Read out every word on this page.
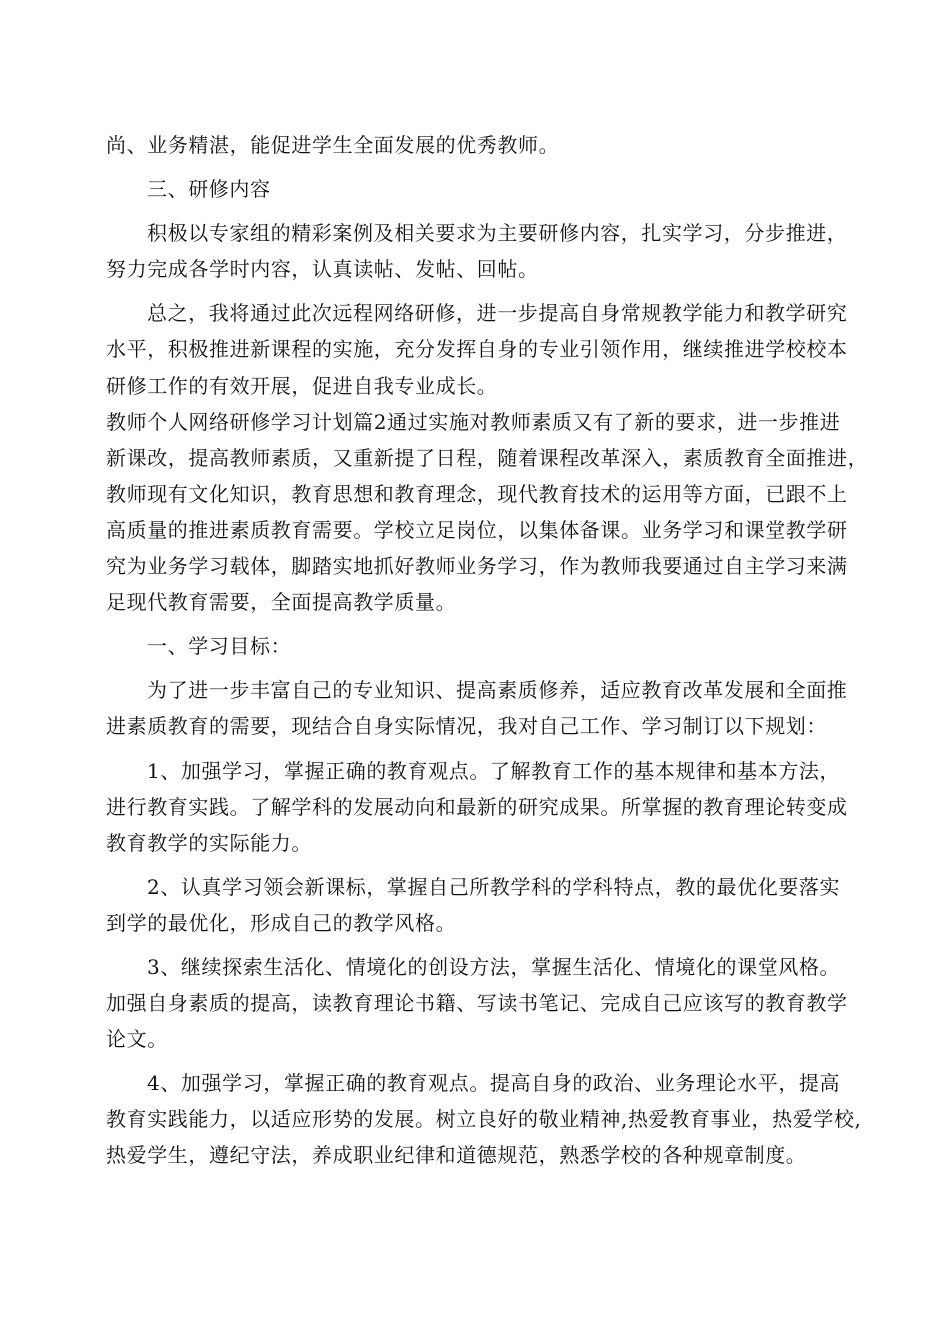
尚、业务精湛，能促进学生全面发展的优秀教师。
三、研修内容
积极以专家组的精彩案例及相关要求为主要研修内容，扎实学习，分步推进，
努力完成各学时内容，认真读帖、发帖、回帖。
总之，我将通过此次远程网络研修，进一步提高自身常规教学能力和教学研究
水平，积极推进新课程的实施，充分发挥自身的专业引领作用，继续推进学校校本
研修工作的有效开展，促进自我专业成长。
教师个人网络研修学习计划篇2通过实施对教师素质又有了新的要求，进一步推进
新课改，提高教师素质，又重新提了日程，随着课程改革深入，素质教育全面推进，
教师现有文化知识，教育思想和教育理念，现代教育技术的运用等方面，已跟不上
高质量的推进素质教育需要。学校立足岗位，以集体备课。业务学习和课堂教学研
究为业务学习载体，脚踏实地抓好教师业务学习，作为教师我要通过自主学习来满
足现代教育需要，全面提高教学质量。
一、学习目标：
为了进一步丰富自己的专业知识、提高素质修养，适应教育改革发展和全面推
进素质教育的需要，现结合自身实际情况，我对自己工作、学习制订以下规划：
1、加强学习，掌握正确的教育观点。了解教育工作的基本规律和基本方法，
进行教育实践。了解学科的发展动向和最新的研究成果。所掌握的教育理论转变成
教育教学的实际能力。
2、认真学习领会新课标，掌握自己所教学科的学科特点，教的最优化要落实
到学的最优化，形成自己的教学风格。
3、继续探索生活化、情境化的创设方法，掌握生活化、情境化的课堂风格。
加强自身素质的提高，读教育理论书籍、写读书笔记、完成自己应该写的教育教学
论文。
4、加强学习，掌握正确的教育观点。提高自身的政治、业务理论水平，提高
教育实践能力，以适应形势的发展。树立良好的敬业精神,热爱教育事业，热爱学校,
热爱学生，遵纪守法，养成职业纪律和道德规范，熟悉学校的各种规章制度。
